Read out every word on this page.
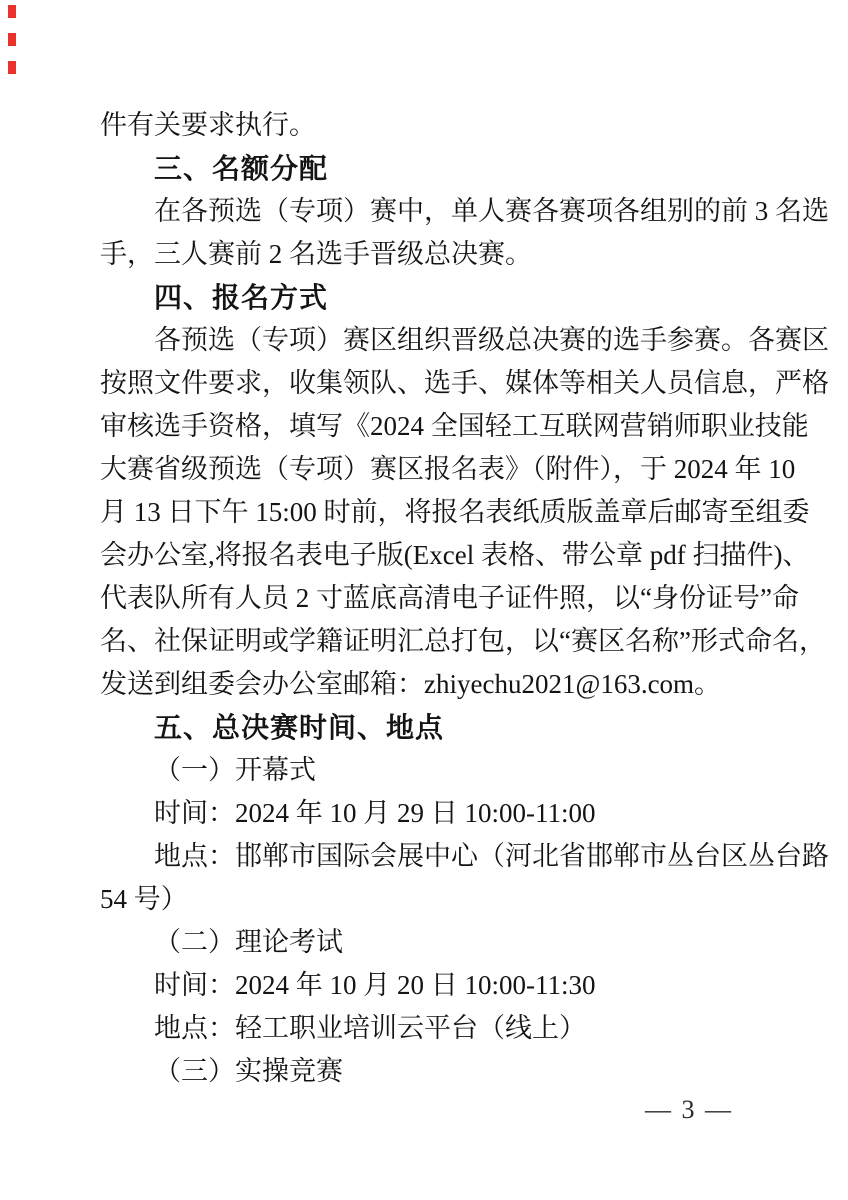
件有关要求执行。
三、名额分配
在各预选（专项）赛中，单人赛各赛项各组别的前 3 名选
手，三人赛前 2 名选手晋级总决赛。
四、报名方式
各预选（专项）赛区组织晋级总决赛的选手参赛。各赛区
按照文件要求，收集领队、选手、媒体等相关人员信息，严格
审核选手资格，填写《2024 全国轻工互联网营销师职业技能
大赛省级预选（专项）赛区报名表》（附件），于 2024 年 10
月 13 日下午 15:00 时前，将报名表纸质版盖章后邮寄至组委
会办公室,将报名表电子版(Excel 表格、带公章 pdf 扫描件)、
代表队所有人员 2 寸蓝底高清电子证件照，以“身份证号”命
名、社保证明或学籍证明汇总打包，以“赛区名称”形式命名，
发送到组委会办公室邮箱：zhiyechu2021@163.com。
五、总决赛时间、地点
（一）开幕式
时间：2024 年 10 月 29 日 10:00-11:00
地点：邯郸市国际会展中心（河北省邯郸市丛台区丛台路
54 号）
（二）理论考试
时间：2024 年 10 月 20 日 10:00-11:30
地点：轻工职业培训云平台（线上）
（三）实操竞赛
— 3 —
